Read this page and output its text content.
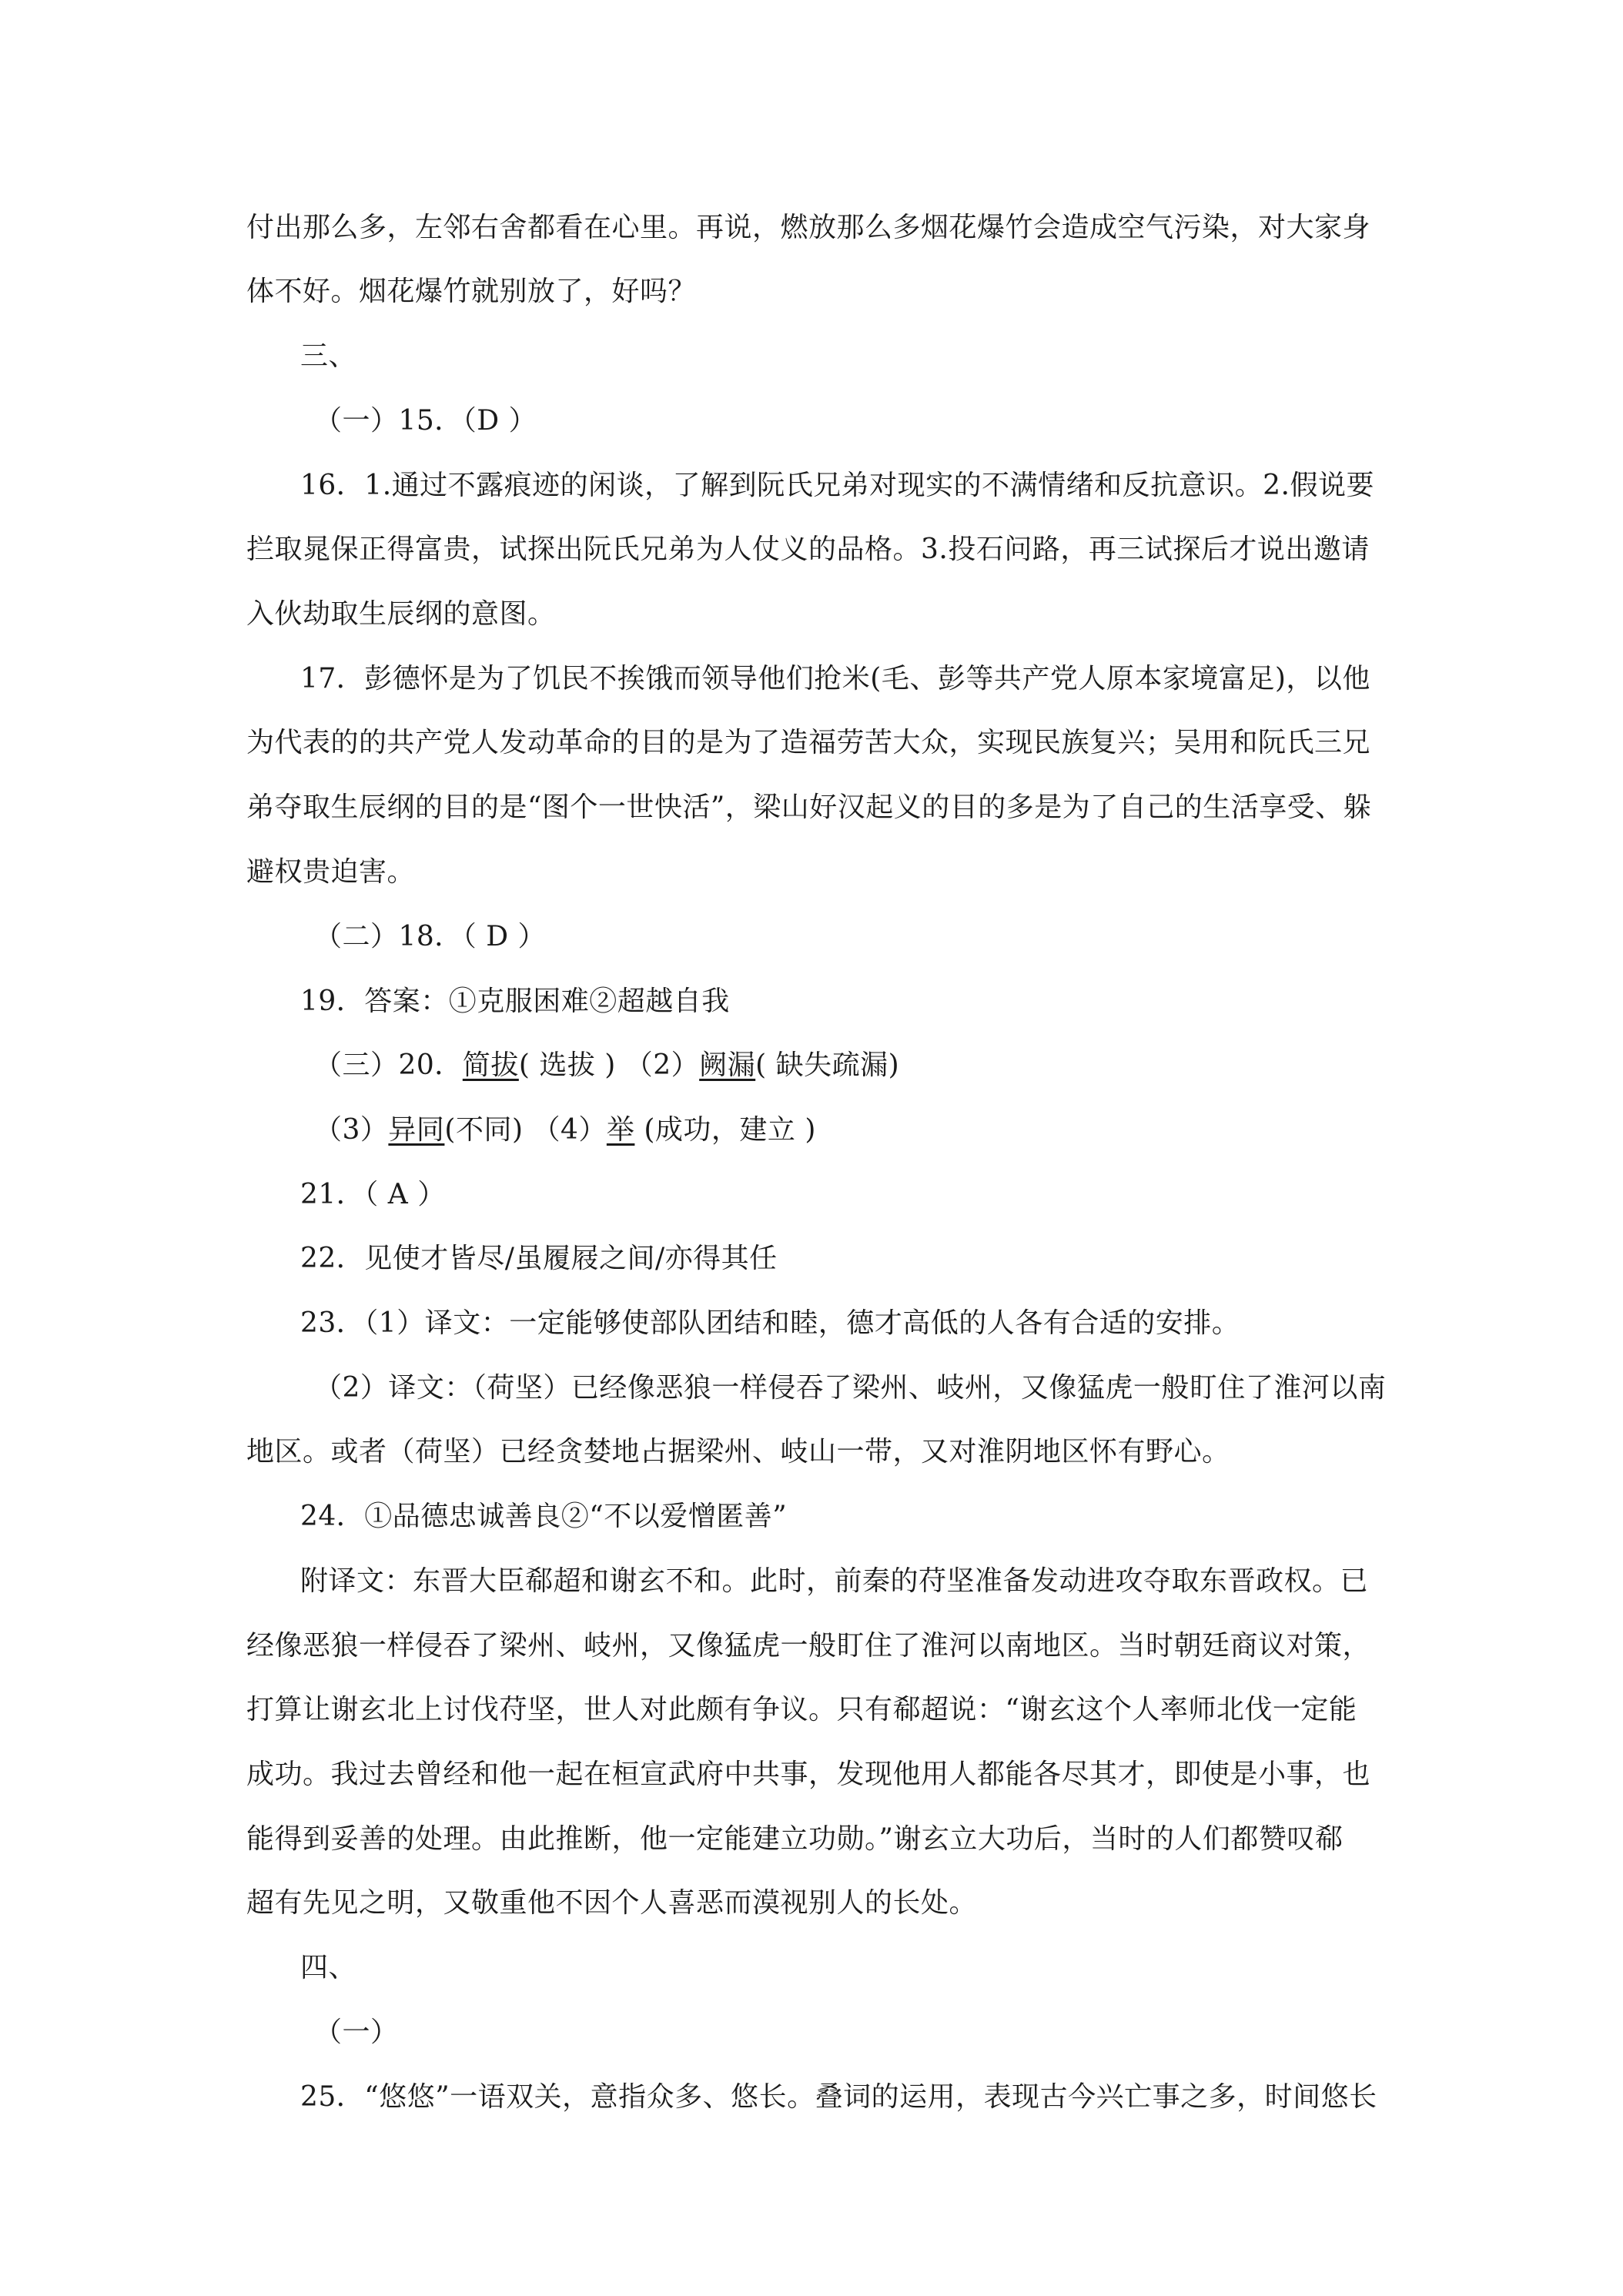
付出那么多，左邻右舍都看在心里。再说，燃放那么多烟花爆竹会造成空气污染，对大家身
体不好。烟花爆竹就别放了，好吗？
三、
（一）15．（D ）
16．1.通过不露痕迹的闲谈，了解到阮氏兄弟对现实的不满情绪和反抗意识。2.假说要
拦取晁保正得富贵，试探出阮氏兄弟为人仗义的品格。3.投石问路，再三试探后才说出邀请
入伙劫取生辰纲的意图。
17．彭德怀是为了饥民不挨饿而领导他们抢米(毛、彭等共产党人原本家境富足)，以他
为代表的的共产党人发动革命的目的是为了造福劳苦大众，实现民族复兴；吴用和阮氏三兄
弟夺取生辰纲的目的是“图个一世快活”，梁山好汉起义的目的多是为了自己的生活享受、躲
避权贵迫害。
（二）18．（ D ）
19．答案：①克服困难②超越自我
（三）20．简拔( 选拔 ) （2）阙漏( 缺失疏漏)
（3）异同(不同) （4）举 (成功，建立 )
21．（ A ）
22．见使才皆尽/虽履屐之间/亦得其任
23．（1）译文：一定能够使部队团结和睦，德才高低的人各有合适的安排。
（2）译文：（荷坚）已经像恶狼一样侵吞了梁州、岐州，又像猛虎一般盯住了淮河以南
地区。或者（荷坚）已经贪婪地占据梁州、岐山一带，又对淮阴地区怀有野心。
24．①品德忠诚善良②“不以爱憎匿善”
附译文：东晋大臣郗超和谢玄不和。此时，前秦的苻坚准备发动进攻夺取东晋政权。已
经像恶狼一样侵吞了梁州、岐州，又像猛虎一般盯住了淮河以南地区。当时朝廷商议对策，
打算让谢玄北上讨伐苻坚，世人对此颇有争议。只有郗超说：“谢玄这个人率师北伐一定能
成功。我过去曾经和他一起在桓宣武府中共事，发现他用人都能各尽其才，即使是小事，也
能得到妥善的处理。由此推断，他一定能建立功勋。”谢玄立大功后，当时的人们都赞叹郗
超有先见之明，又敬重他不因个人喜恶而漠视别人的长处。
四、
（一）
25．“悠悠”一语双关，意指众多、悠长。叠词的运用，表现古今兴亡事之多，时间悠长
